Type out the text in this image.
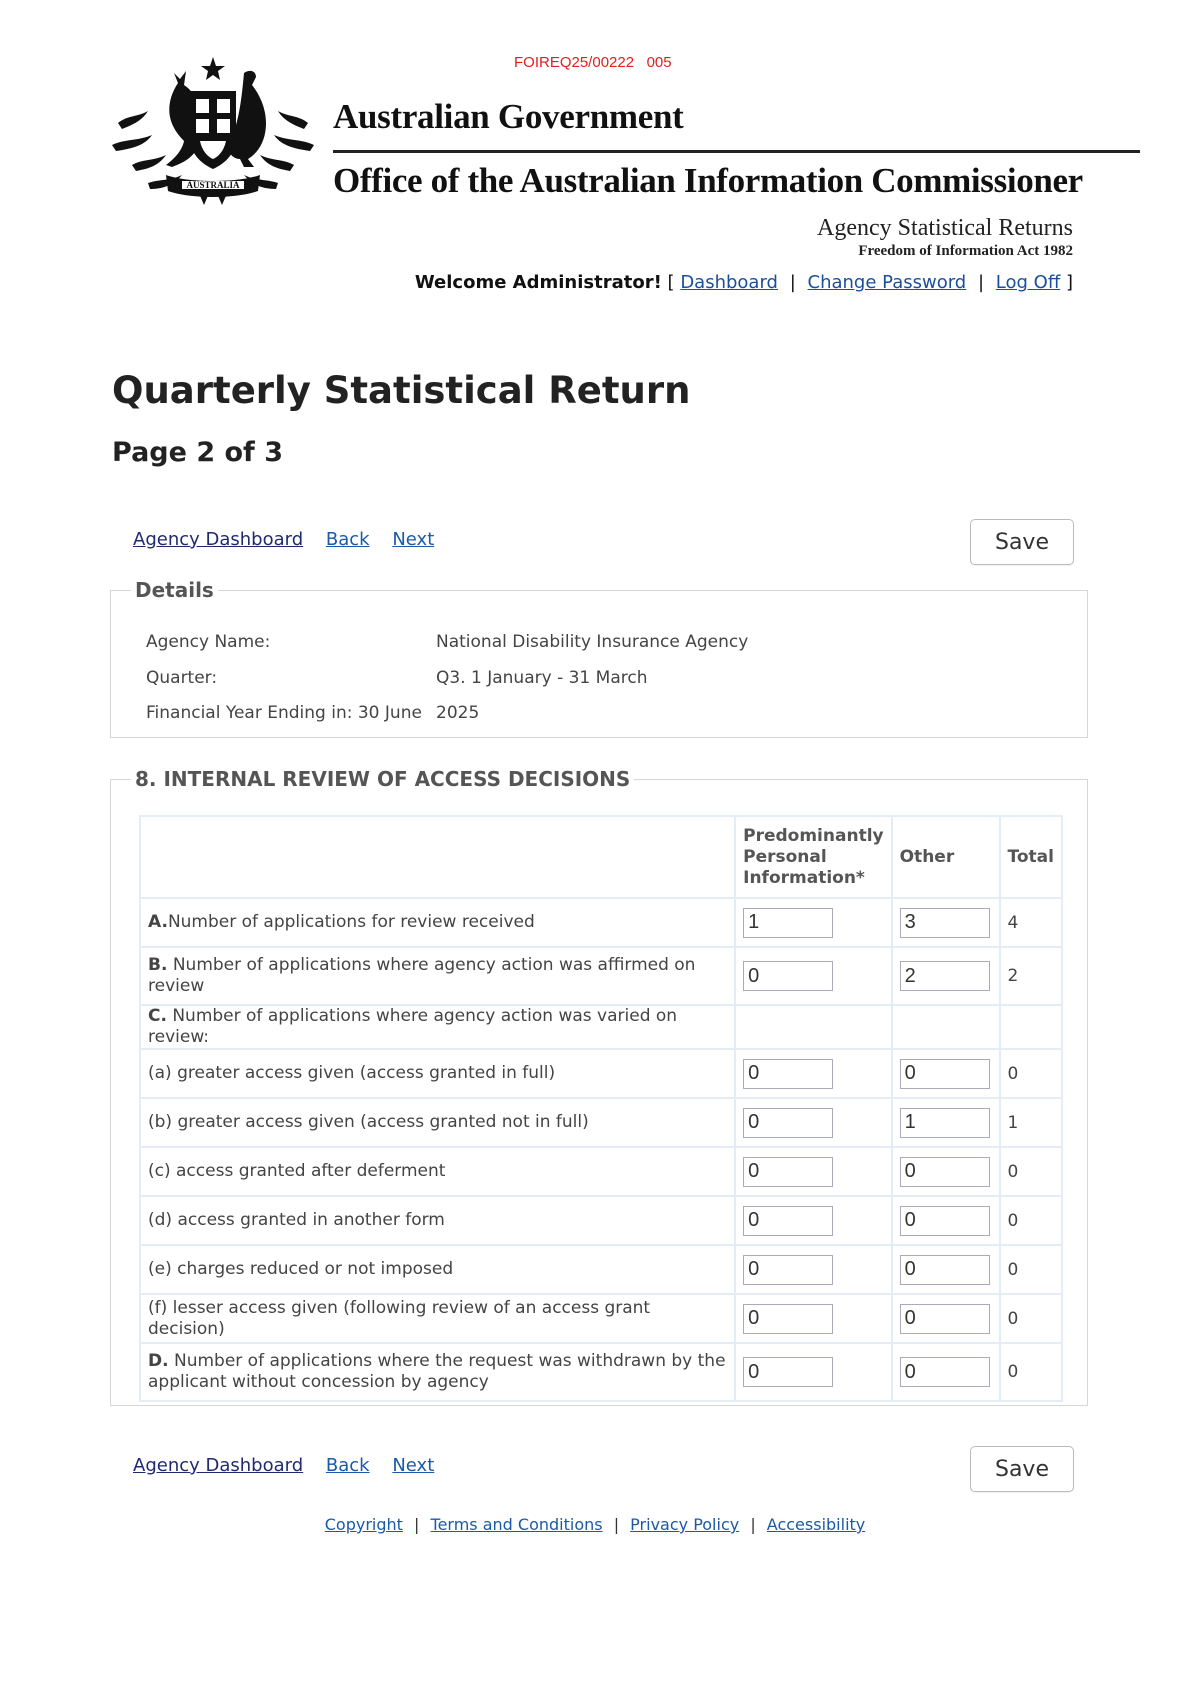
FOIREQ25/00222   005
AUSTRALIA
Australian Government
Office of the Australian Information Commissioner
Agency Statistical Returns
Freedom of Information Act 1982
Welcome Administrator! [ Dashboard | Change Password | Log Off ]
Quarterly Statistical Return
Page 2 of 3
Agency Dashboard Back Next	Save
Details
Agency Name:	National Disability Insurance Agency
Quarter:	Q3. 1 January - 31 March
Financial Year Ending in: 30 June 2025
8. INTERNAL REVIEW OF ACCESS DECISIONS
	Predominantly Personal Information*	Other	Total
A.Number of applications for review received	1	3	4
B. Number of applications where agency action was affirmed on review	0	2	2
C. Number of applications where agency action was varied on review:			
(a) greater access given (access granted in full)	0	0	0
(b) greater access given (access granted not in full)	0	1	1
(c) access granted after deferment	0	0	0
(d) access granted in another form	0	0	0
(e) charges reduced or not imposed	0	0	0
(f) lesser access given (following review of an access grant decision)	0	0	0
D. Number of applications where the request was withdrawn by the applicant without concession by agency	0	0	0
Agency Dashboard Back Next	Save
Copyright | Terms and Conditions | Privacy Policy | Accessibility
